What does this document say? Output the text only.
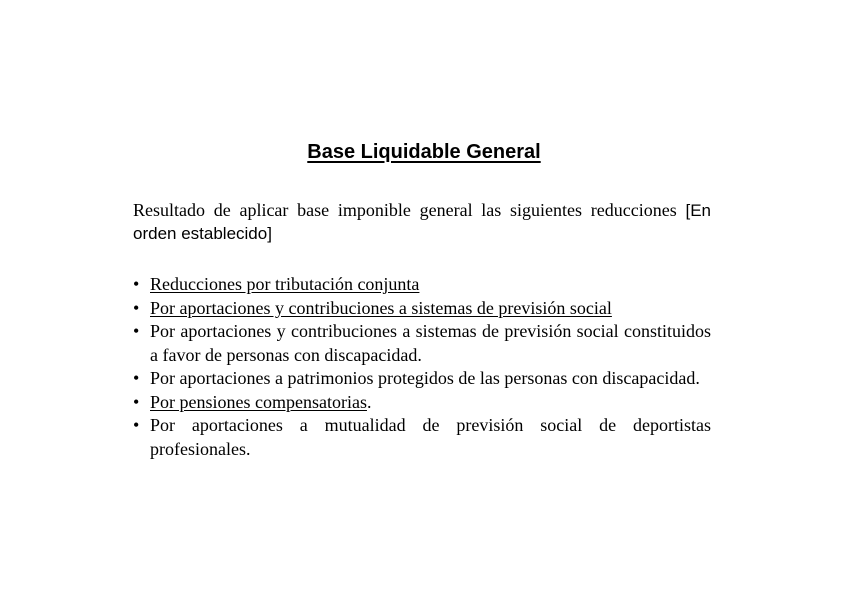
Base Liquidable General

Resultado de aplicar base imponible general las siguientes reducciones [En orden establecido]

• Reducciones por tributación conjunta
• Por aportaciones y contribuciones a sistemas de previsión social
• Por aportaciones y contribuciones a sistemas de previsión social constituidos a favor de personas con discapacidad.
• Por aportaciones a patrimonios protegidos de las personas con discapacidad.
• Por pensiones compensatorias.
• Por aportaciones a mutualidad de previsión social de deportistas profesionales.
